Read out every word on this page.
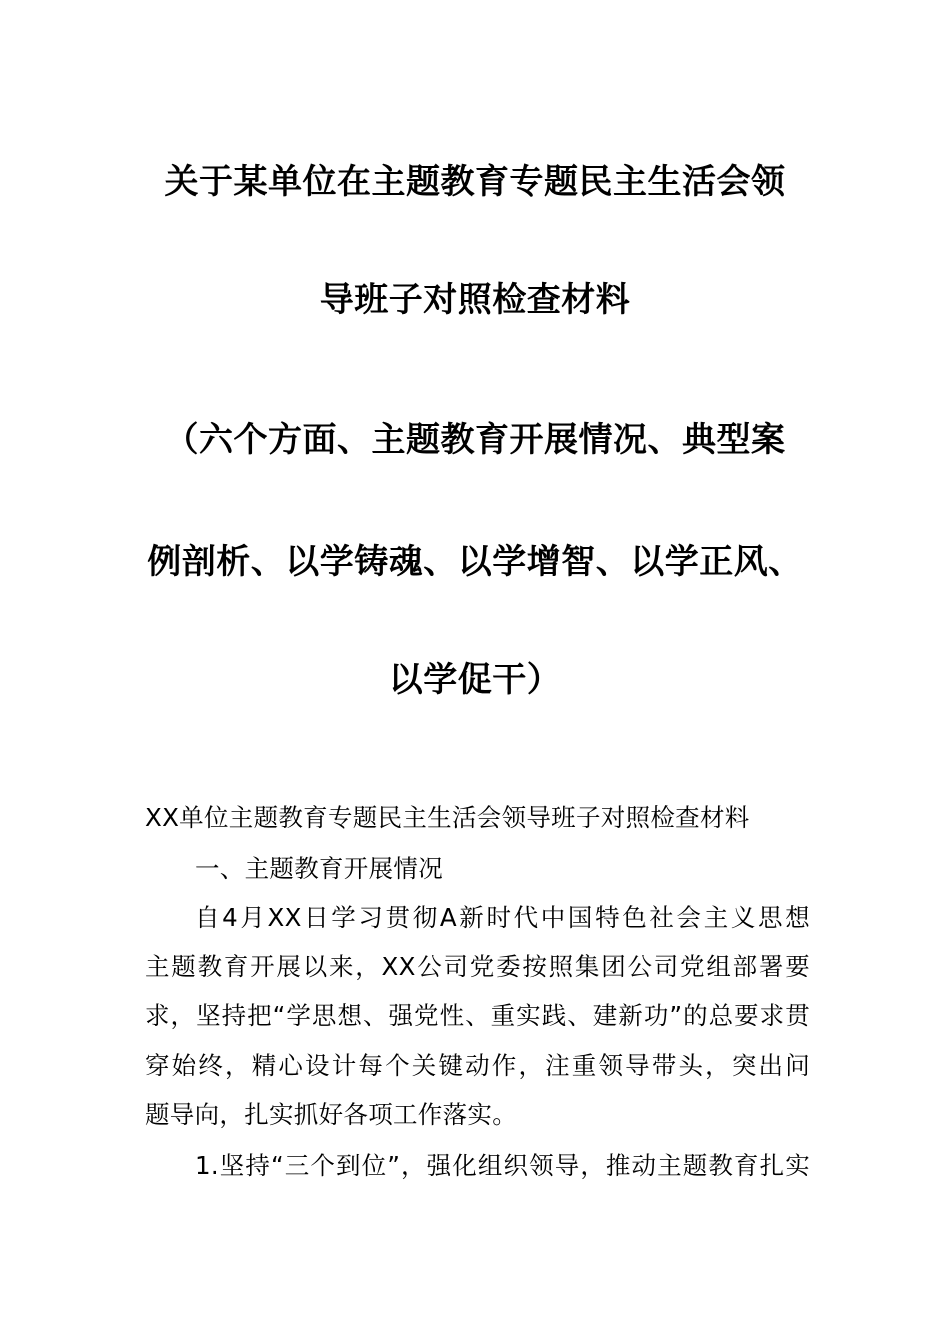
关于某单位在主题教育专题民主生活会领
导班子对照检查材料
（六个方面、主题教育开展情况、典型案
例剖析、以学铸魂、以学增智、以学正风、
以学促干）
XX单位主题教育专题民主生活会领导班子对照检查材料
一、主题教育开展情况
自4月XX日学习贯彻A新时代中国特色社会主义思想
主题教育开展以来，XX公司党委按照集团公司党组部署要
求，坚持把“学思想、强党性、重实践、建新功”的总要求贯
穿始终，精心设计每个关键动作，注重领导带头，突出问
题导向，扎实抓好各项工作落实。
1.坚持“三个到位”，强化组织领导，推动主题教育扎实
